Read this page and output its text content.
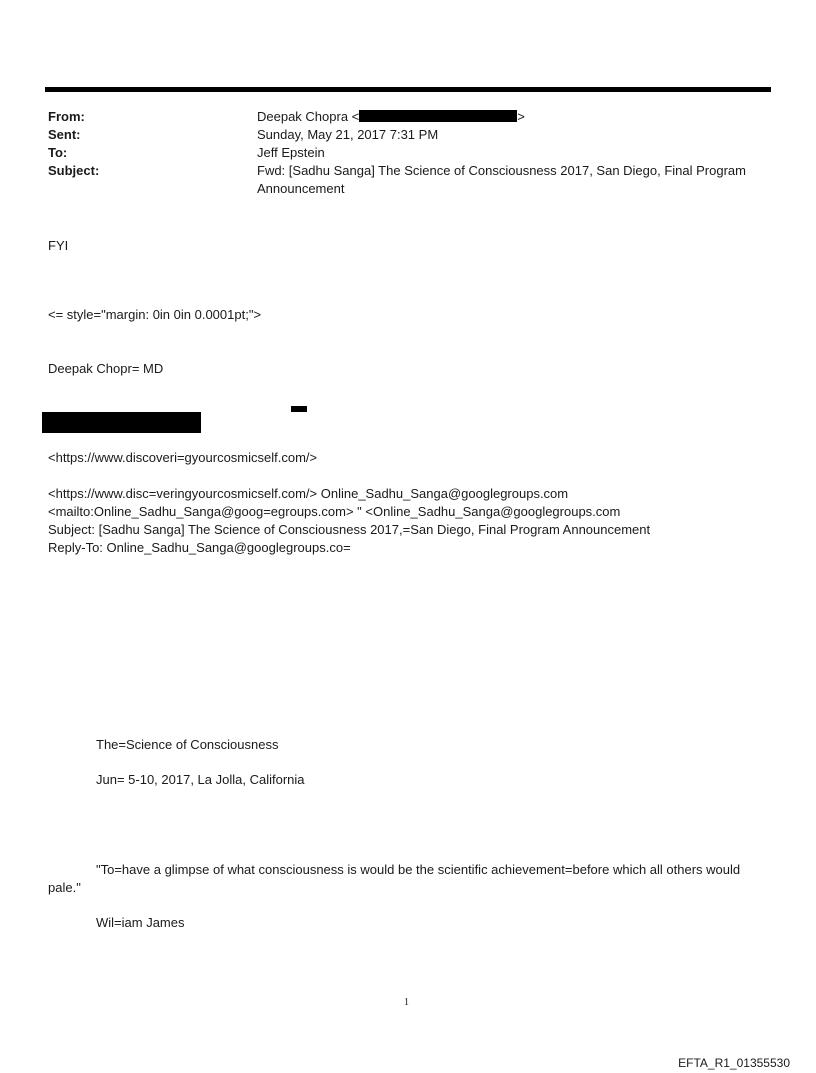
From:	Deepak Chopra <	>
Sent:	Sunday, May 21, 2017 7:31 PM
To:	Jeff Epstein
Subject:	Fwd: [Sadhu Sanga] The Science of Consciousness 2017, San Diego, Final Program
Announcement
FYI
<= style="margin: 0in 0in 0.0001pt;">
Deepak Chopr= MD
<https://www.discoveri=gyourcosmicself.com/>
<https://www.disc=veringyourcosmicself.com/> Online_Sadhu_Sanga@googlegroups.com
<mailto:Online_Sadhu_Sanga@goog=egroups.com> " <Online_Sadhu_Sanga@googlegroups.com
Subject: [Sadhu Sanga] The Science of Consciousness 2017,=San Diego, Final Program Announcement
Reply-To: Online_Sadhu_Sanga@googlegroups.co=
The=Science of Consciousness
Jun= 5-10, 2017, La Jolla, California
"To=have a glimpse of what consciousness is would be the scientific achievement=before which all others would
pale."
Wil=iam James
1
EFTA_R1_01355530
